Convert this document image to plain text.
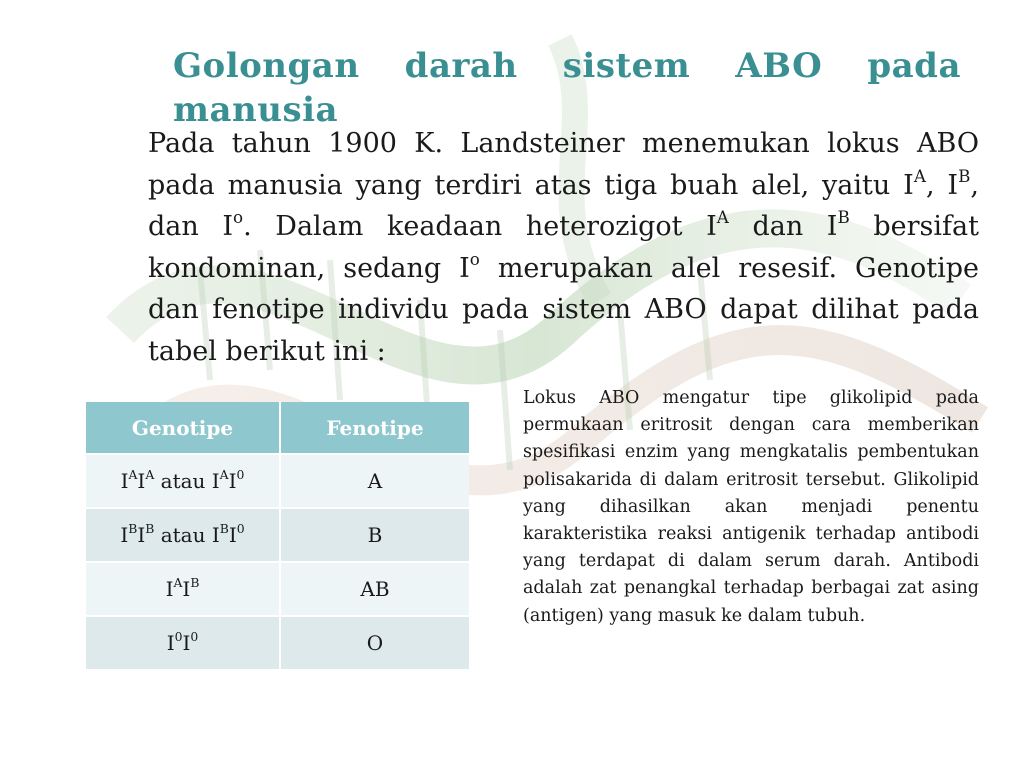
Golongan darah sistem ABO pada manusia

Pada tahun 1900 K. Landsteiner menemukan lokus ABO pada manusia yang terdiri atas tiga buah alel, yaitu $I^A$, $I^B$, dan $I^o$. Dalam keadaan heterozigot $I^A$ dan $I^B$ bersifat kondominan, sedang $I^o$ merupakan alel resesif. Genotipe dan fenotipe individu pada sistem ABO dapat dilihat pada tabel berikut ini :

Genotipe	Fenotipe
$I^AI^A$ atau $I^AI^0$	A
$I^BI^B$ atau $I^BI^0$	B
$I^AI^B$	AB
$I^0I^0$	O
Lokus ABO mengatur tipe glikolipid pada permukaan eritrosit dengan cara memberikan spesifikasi enzim yang mengkatalis pembentukan polisakarida di dalam eritrosit tersebut. Glikolipid yang dihasilkan akan menjadi penentu karakteristika reaksi antigenik terhadap antibodi yang terdapat di dalam serum darah. Antibodi adalah zat penangkal terhadap berbagai zat asing (antigen) yang masuk ke dalam tubuh.
